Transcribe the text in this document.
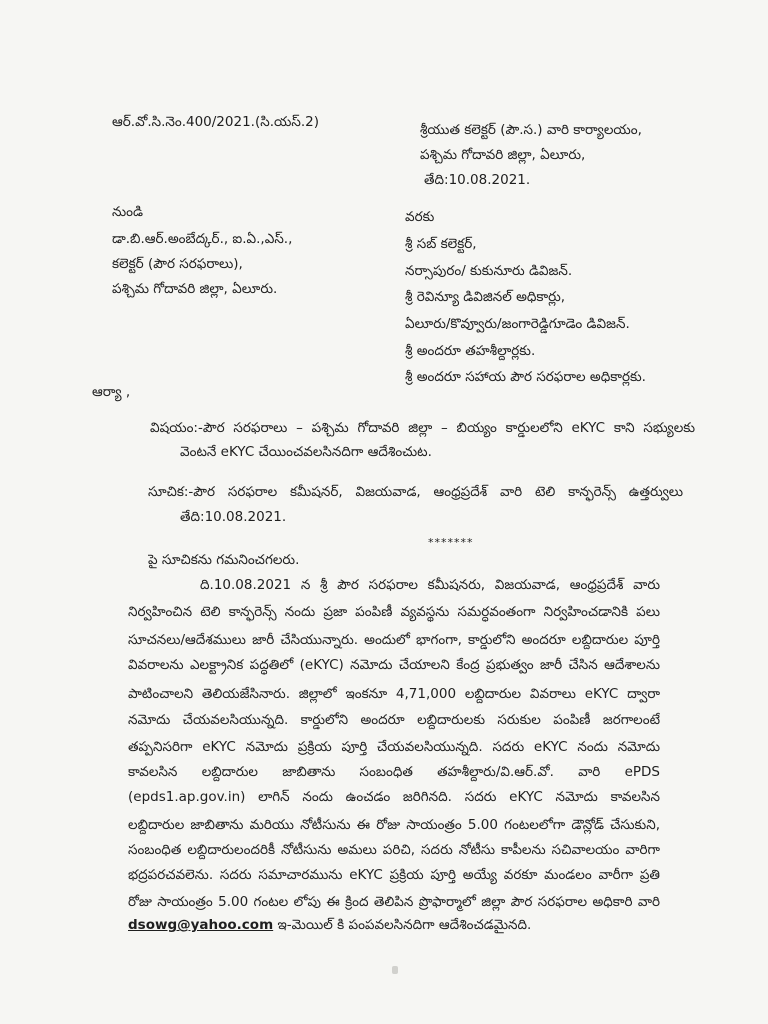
ఆర్.వో.సి.నెం.400/2021.(సి.యస్.2)	శ్రీయుత కలెక్టర్ (పౌ.స.) వారి కార్యాలయం,
పశ్చిమ గోదావరి జిల్లా, ఏలూరు,
తేది:10.08.2021.
నుండి
డా.బి.ఆర్.అంబేద్కర్., ఐ.ఏ.,ఎస్.,
కలెక్టర్ (పౌర సరఫరాలు),
పశ్చిమ గోదావరి జిల్లా, ఏలూరు.
వరకు
శ్రీ సబ్ కలెక్టర్,
నర్సాపురం/ కుకునూరు డివిజన్.
శ్రీ రెవిన్యూ డివిజినల్ అధికార్లు,
ఏలూరు/కొవ్వూరు/జంగారెడ్డిగూడెం డివిజన్.
శ్రీ అందరూ తహశీల్దార్లకు.
శ్రీ అందరూ సహాయ పౌర సరఫరాల అధికార్లకు.
ఆర్యా ,
విషయం:-పౌర సరఫరాలు – పశ్చిమ గోదావరి జిల్లా – బియ్యం కార్డులలోని eKYC కాని సభ్యులకు
వెంటనే eKYC చేయించవలసినదిగా ఆదేశించుట.
సూచిక:-పౌర సరఫరాల కమీషనర్, విజయవాడ, ఆంధ్రప్రదేశ్ వారి టెలి కాన్ఫరెన్స్ ఉత్తర్వులు
తేది:10.08.2021.
*******
పై సూచికను గమనించగలరు.
ది.10.08.2021 న శ్రీ పౌర సరఫరాల కమీషనరు, విజయవాడ, ఆంధ్రప్రదేశ్ వారు
నిర్వహించిన టెలి కాన్ఫరెన్స్ నందు ప్రజా పంపిణీ వ్యవస్థను సమర్ధవంతంగా నిర్వహించడానికి పలు
సూచనలు/ఆదేశములు జారీ చేసియున్నారు. అందులో భాగంగా, కార్డులోని అందరూ లబ్దిదారుల పూర్తి
వివరాలను ఎలక్ట్రానిక పద్ధతిలో (eKYC) నమోదు చేయాలని కేంద్ర ప్రభుత్వం జారీ చేసిన ఆదేశాలను
పాటించాలని తెలియజేసినారు. జిల్లాలో ఇంకనూ 4,71,000 లబ్దిదారుల వివరాలు eKYC ద్వారా
నమోదు చేయవలసియున్నది. కార్డులోని అందరూ లబ్దిదారులకు సరుకుల పంపిణీ జరగాలంటే
తప్పనిసరిగా eKYC నమోదు ప్రక్రియ పూర్తి చేయవలసియున్నది. సదరు eKYC నందు నమోదు
కావలసిన లబ్దిదారుల జాబితాను సంబంధిత తహశీల్దారు/వి.ఆర్.వో. వారి ePDS
(epds1.ap.gov.in) లాగిన్ నందు ఉంచడం జరిగినది. సదరు eKYC నమోదు కావలసిన
లబ్దిదారుల జాబితాను మరియు నోటీసును ఈ రోజు సాయంత్రం 5.00 గంటలలోగా డౌన్లోడ్ చేసుకుని,
సంబంధిత లబ్దిదారులందరికీ నోటీసును అమలు పరిచి, సదరు నోటీసు కాపీలను సచివాలయం వారిగా
భద్రపరచవలెను. సదరు సమాచారమును eKYC ప్రక్రియ పూర్తి అయ్యే వరకూ మండలం వారీగా ప్రతి
రోజు సాయంత్రం 5.00 గంటల లోపు ఈ క్రింద తెలిపిన ప్రొఫార్మాలో జిల్లా పౌర సరఫరాల అధికారి వారి
dsowg@yahoo.com ఇ-మెయిల్ కి పంపవలసినదిగా ఆదేశించడమైనది.
